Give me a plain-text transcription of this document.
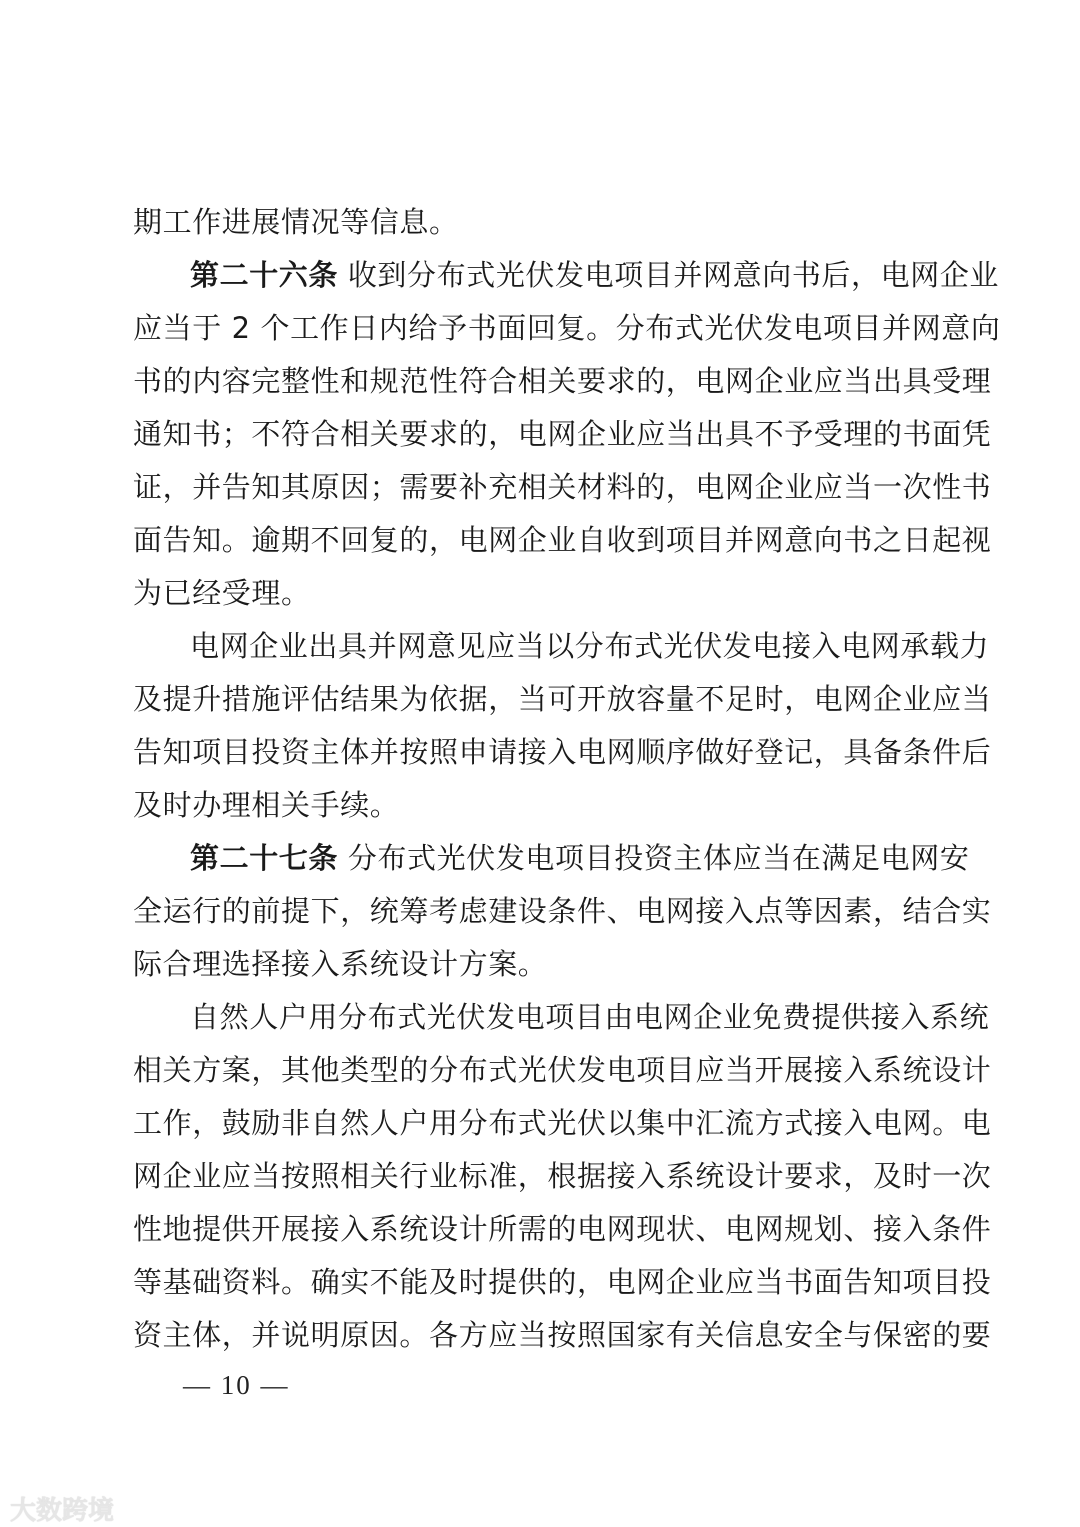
期工作进展情况等信息。
第二十六条 收到分布式光伏发电项目并网意向书后，电网企业
应当于 2 个工作日内给予书面回复。分布式光伏发电项目并网意向
书的内容完整性和规范性符合相关要求的，电网企业应当出具受理
通知书；不符合相关要求的，电网企业应当出具不予受理的书面凭
证，并告知其原因；需要补充相关材料的，电网企业应当一次性书
面告知。逾期不回复的，电网企业自收到项目并网意向书之日起视
为已经受理。
电网企业出具并网意见应当以分布式光伏发电接入电网承载力
及提升措施评估结果为依据，当可开放容量不足时，电网企业应当
告知项目投资主体并按照申请接入电网顺序做好登记，具备条件后
及时办理相关手续。
第二十七条 分布式光伏发电项目投资主体应当在满足电网安
全运行的前提下，统筹考虑建设条件、电网接入点等因素，结合实
际合理选择接入系统设计方案。
自然人户用分布式光伏发电项目由电网企业免费提供接入系统
相关方案，其他类型的分布式光伏发电项目应当开展接入系统设计
工作，鼓励非自然人户用分布式光伏以集中汇流方式接入电网。电
网企业应当按照相关行业标准，根据接入系统设计要求，及时一次
性地提供开展接入系统设计所需的电网现状、电网规划、接入条件
等基础资料。确实不能及时提供的，电网企业应当书面告知项目投
资主体，并说明原因。各方应当按照国家有关信息安全与保密的要
— 10 —
大数跨境
